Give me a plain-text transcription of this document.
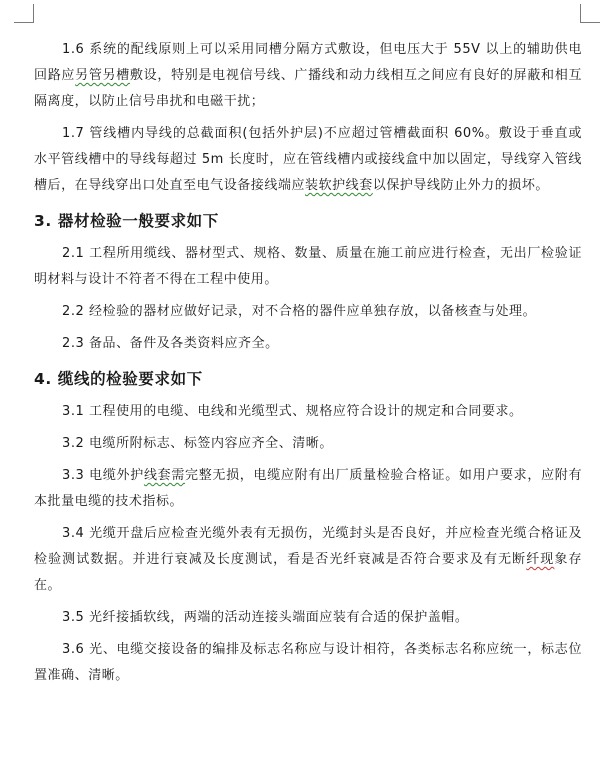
1.6 系统的配线原则上可以采用同槽分隔方式敷设，但电压大于 55V 以上的辅助供电回路应另管另槽敷设，特别是电视信号线、广播线和动力线相互之间应有良好的屏蔽和相互隔离度，以防止信号串扰和电磁干扰；

1.7 管线槽内导线的总截面积(包括外护层)不应超过管槽截面积 60%。敷设于垂直或水平管线槽中的导线每超过 5m 长度时，应在管线槽内或接线盒中加以固定，导线穿入管线槽后，在导线穿出口处直至电气设备接线端应装软护线套以保护导线防止外力的损坏。

3. 器材检验一般要求如下

2.1 工程所用缆线、器材型式、规格、数量、质量在施工前应进行检查，无出厂检验证明材料与设计不符者不得在工程中使用。

2.2 经检验的器材应做好记录，对不合格的器件应单独存放，以备核查与处理。

2.3 备品、备件及各类资料应齐全。

4. 缆线的检验要求如下

3.1 工程使用的电缆、电线和光缆型式、规格应符合设计的规定和合同要求。

3.2 电缆所附标志、标签内容应齐全、清晰。

3.3 电缆外护线套需完整无损，电缆应附有出厂质量检验合格证。如用户要求，应附有本批量电缆的技术指标。

3.4 光缆开盘后应检查光缆外表有无损伤，光缆封头是否良好，并应检查光缆合格证及检验测试数据。并进行衰减及长度测试，看是否光纤衰减是否符合要求及有无断纤现象存在。

3.5 光纤接插软线，两端的活动连接头端面应装有合适的保护盖帽。

3.6 光、电缆交接设备的编排及标志名称应与设计相符，各类标志名称应统一，标志位置准确、清晰。
